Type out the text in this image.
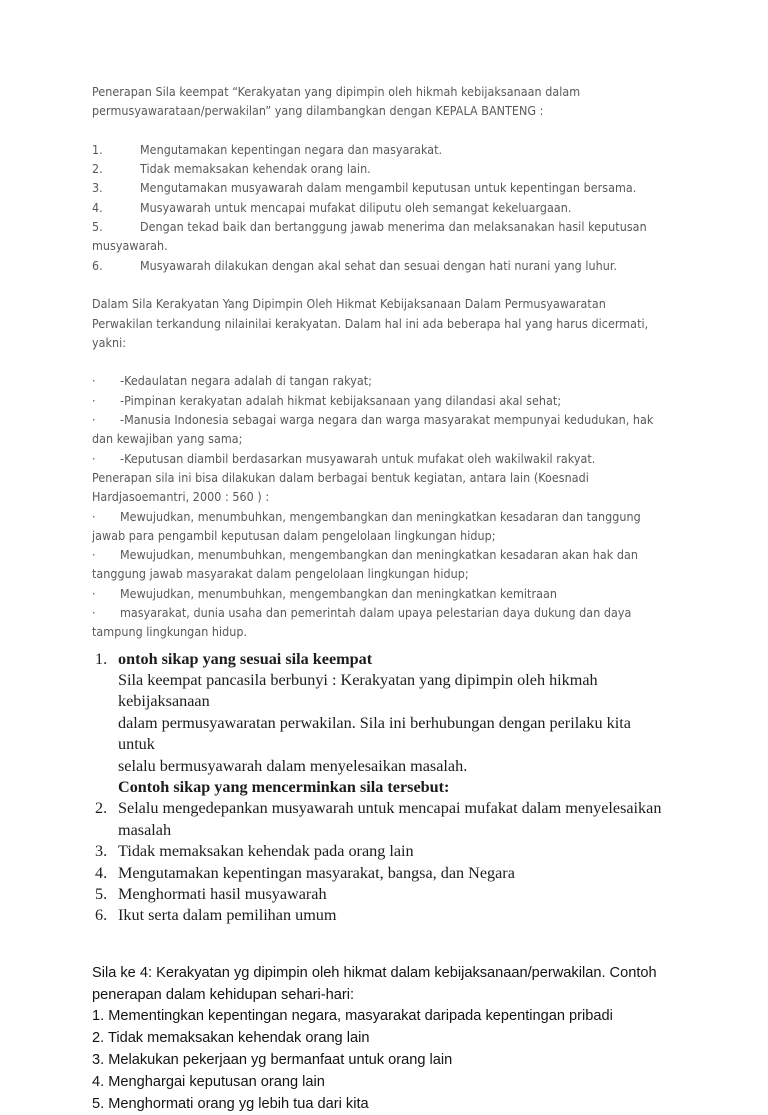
Penerapan Sila keempat “Kerakyatan yang dipimpin oleh hikmah kebijaksanaan dalam

permusyawarataan/perwakilan” yang dilambangkan dengan KEPALA BANTENG :

1.	Mengutamakan kepentingan negara dan masyarakat.
2.	Tidak memaksakan kehendak orang lain.
3.	Mengutamakan musyawarah dalam mengambil keputusan untuk kepentingan bersama.
4.	Musyawarah untuk mencapai mufakat diliputu oleh semangat kekeluargaan.
5.	Dengan tekad baik dan bertanggung jawab menerima dan melaksanakan hasil keputusan

musyawarah.

6.	Musyawarah dilakukan dengan akal sehat dan sesuai dengan hati nurani yang luhur.

Dalam Sila Kerakyatan Yang Dipimpin Oleh Hikmat Kebijaksanaan Dalam Permusyawaratan

Perwakilan terkandung nilainilai kerakyatan. Dalam hal ini ada beberapa hal yang harus dicermati,

yakni:

·	-Kedaulatan negara adalah di tangan rakyat;
·	-Pimpinan kerakyatan adalah hikmat kebijaksanaan yang dilandasi akal sehat;
·	-Manusia Indonesia sebagai warga negara dan warga masyarakat mempunyai kedudukan, hak

dan kewajiban yang sama;

·	-Keputusan diambil berdasarkan musyawarah untuk mufakat oleh wakilwakil rakyat.

Penerapan sila ini bisa dilakukan dalam berbagai bentuk kegiatan, antara lain (Koesnadi

Hardjasoemantri, 2000 : 560 ) :

·	Mewujudkan, menumbuhkan, mengembangkan dan meningkatkan kesadaran dan tanggung

jawab para pengambil keputusan dalam pengelolaan lingkungan hidup;

·	Mewujudkan, menumbuhkan, mengembangkan dan meningkatkan kesadaran akan hak dan

tanggung jawab masyarakat dalam pengelolaan lingkungan hidup;

·	Mewujudkan, menumbuhkan, mengembangkan dan meningkatkan kemitraan
·	masyarakat, dunia usaha dan pemerintah dalam upaya pelestarian daya dukung dan daya

tampung lingkungan hidup.

1. ontoh sikap yang sesuai sila keempat
Sila keempat pancasila berbunyi : Kerakyatan yang dipimpin oleh hikmah kebijaksanaan
dalam permusyawaratan perwakilan. Sila ini berhubungan dengan perilaku kita untuk
selalu bermusyawarah dalam menyelesaikan masalah.
Contoh sikap yang mencerminkan sila tersebut:
2. Selalu mengedepankan musyawarah untuk mencapai mufakat dalam menyelesaikan
masalah
3. Tidak memaksakan kehendak pada orang lain
4. Mengutamakan kepentingan masyarakat, bangsa, dan Negara
5. Menghormati hasil musyawarah
6. Ikut serta dalam pemilihan umum

Sila ke 4: Kerakyatan yg dipimpin oleh hikmat dalam kebijaksanaan/perwakilan. Contoh

penerapan dalam kehidupan sehari-hari:

1. Mementingkan kepentingan negara, masyarakat daripada kepentingan pribadi

2. Tidak memaksakan kehendak orang lain

3. Melakukan pekerjaan yg bermanfaat untuk orang lain

4. Menghargai keputusan orang lain

5. Menghormati orang yg lebih tua dari kita
